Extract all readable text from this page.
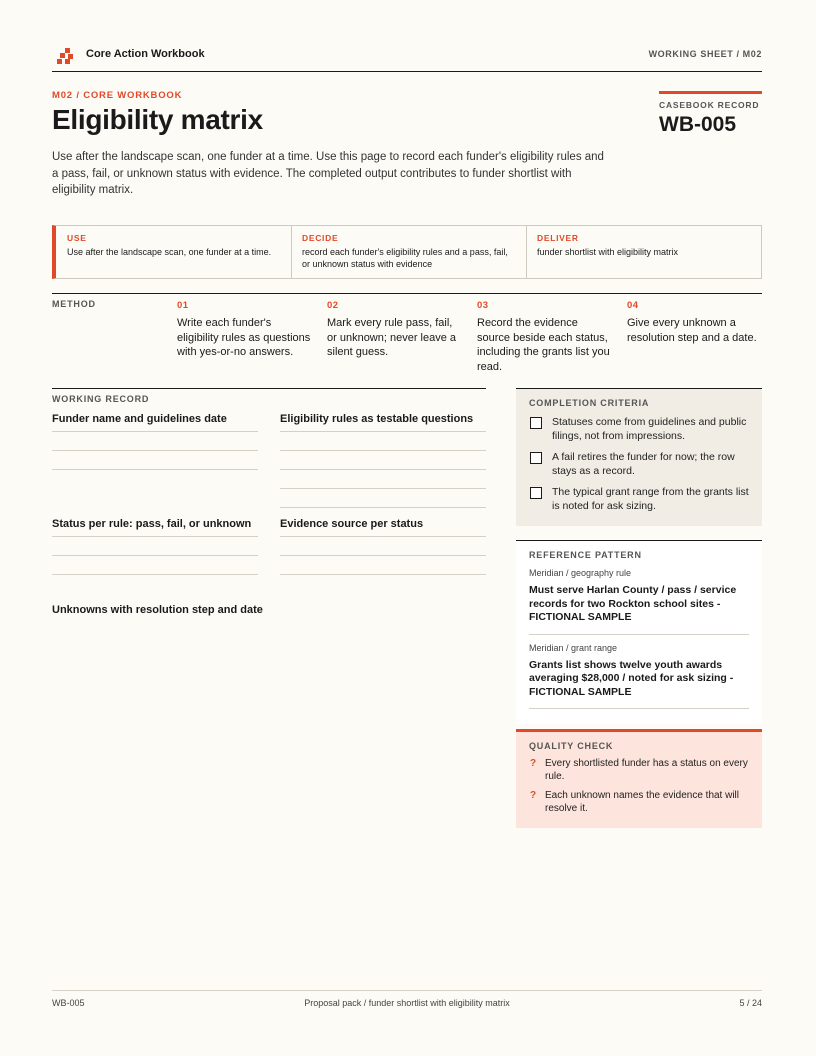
Core Action Workbook	WORKING SHEET / M02
M02 / CORE WORKBOOK
Eligibility matrix

Use after the landscape scan, one funder at a time. Use this page to record each funder's eligibility rules and a pass, fail, or unknown status with evidence. The completed output contributes to funder shortlist with eligibility matrix.

CASEBOOK RECORD
WB-005
USE
Use after the landscape scan, one funder at a time.
DECIDE
record each funder's eligibility rules and a pass, fail, or unknown status with evidence
DELIVER
funder shortlist with eligibility matrix
METHOD	01
Write each funder's eligibility rules as questions with yes-or-no answers.
02
Mark every rule pass, fail, or unknown; never leave a silent guess.
03
Record the evidence source beside each status, including the grants list you read.
04
Give every unknown a resolution step and a date.
WORKING RECORD
Funder name and guidelines date	Eligibility rules as testable questions
Status per rule: pass, fail, or unknown	Evidence source per status
Unknowns with resolution step and date
COMPLETION CRITERIA
Statuses come from guidelines and public filings, not from impressions.
A fail retires the funder for now; the row stays as a record.
The typical grant range from the grants list is noted for ask sizing.
REFERENCE PATTERN
Meridian / geography rule
Must serve Harlan County / pass / service records for two Rockton school sites - FICTIONAL SAMPLE
Meridian / grant range
Grants list shows twelve youth awards averaging $28,000 / noted for ask sizing - FICTIONAL SAMPLE
QUALITY CHECK
? Every shortlisted funder has a status on every rule.
? Each unknown names the evidence that will resolve it.
WB-005	Proposal pack / funder shortlist with eligibility matrix	5 / 24
